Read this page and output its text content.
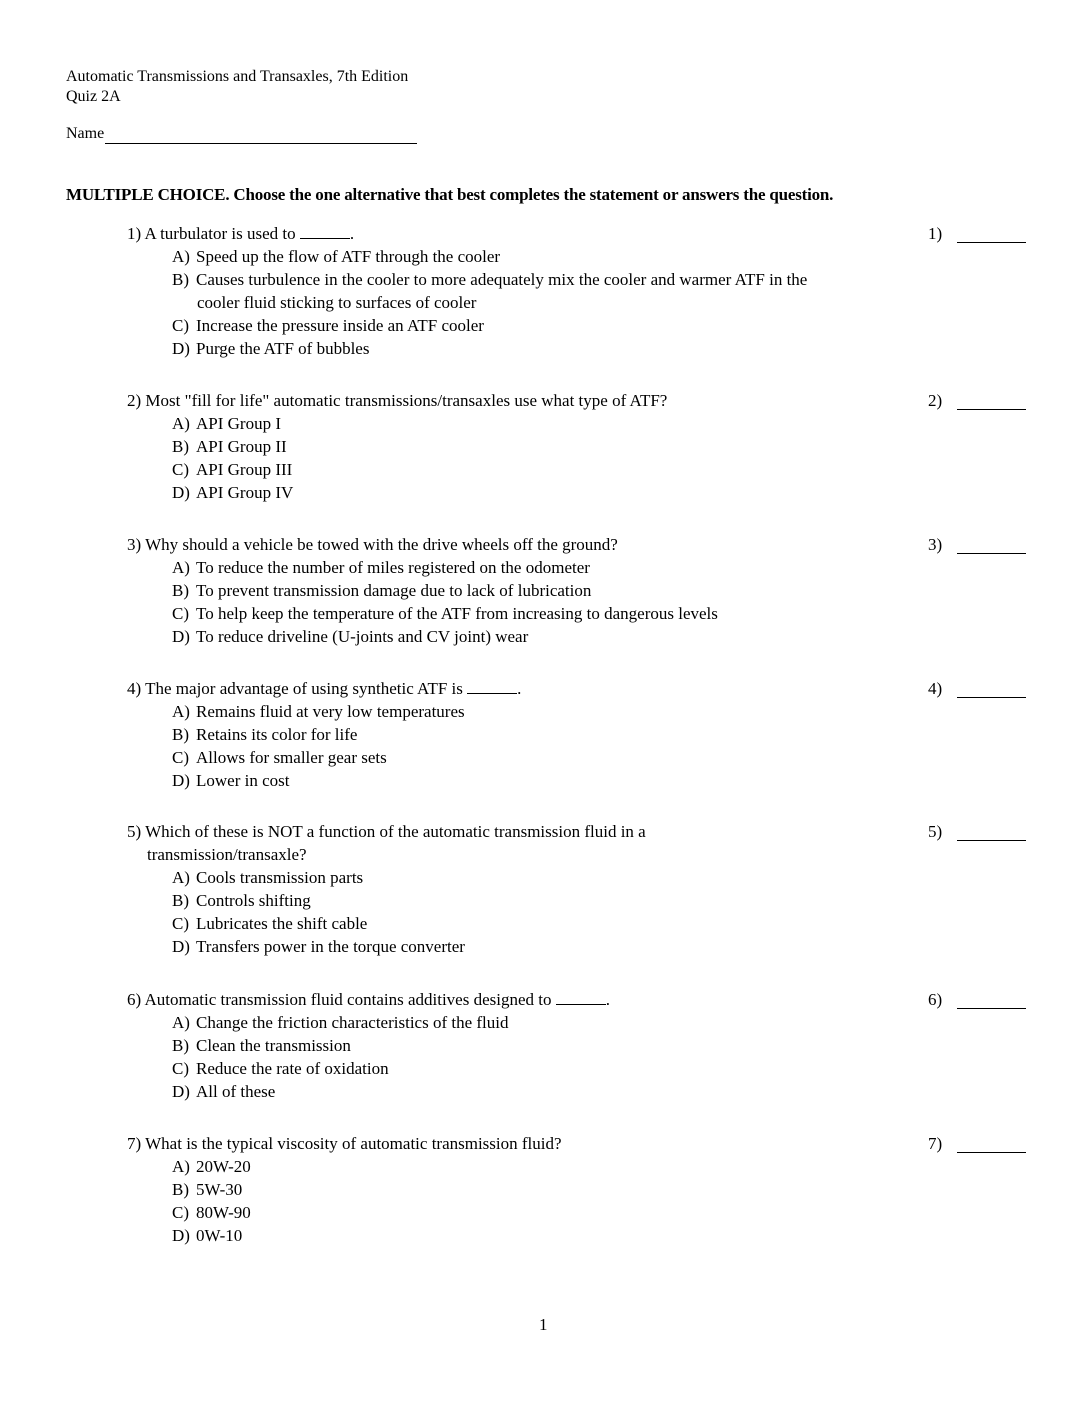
Automatic Transmissions and Transaxles, 7th Edition
Quiz 2A
Name
MULTIPLE CHOICE. Choose the one alternative that best completes the statement or answers the question.
1) A turbulator is used to	.
A) Speed up the flow of ATF through the cooler
B) Causes turbulence in the cooler to more adequately mix the cooler and warmer ATF in the
cooler fluid sticking to surfaces of cooler
C) Increase the pressure inside an ATF cooler
D) Purge the ATF of bubbles
1)
2) Most "fill for life" automatic transmissions/transaxles use what type of ATF?
A) API Group I
B) API Group II
C) API Group III
D) API Group IV
2)
3) Why should a vehicle be towed with the drive wheels off the ground?
A) To reduce the number of miles registered on the odometer
B) To prevent transmission damage due to lack of lubrication
C) To help keep the temperature of the ATF from increasing to dangerous levels
D) To reduce driveline (U-joints and CV joint) wear
3)
4) The major advantage of using synthetic ATF is	.
A) Remains fluid at very low temperatures
B) Retains its color for life
C) Allows for smaller gear sets
D) Lower in cost
4)
5) Which of these is NOT a function of the automatic transmission fluid in a
transmission/transaxle?
A) Cools transmission parts
B) Controls shifting
C) Lubricates the shift cable
D) Transfers power in the torque converter
5)
6) Automatic transmission fluid contains additives designed to	.
A) Change the friction characteristics of the fluid
B) Clean the transmission
C) Reduce the rate of oxidation
D) All of these
6)
7) What is the typical viscosity of automatic transmission fluid?
A) 20W-20
B) 5W-30
C) 80W-90
D) 0W-10
7)
1
